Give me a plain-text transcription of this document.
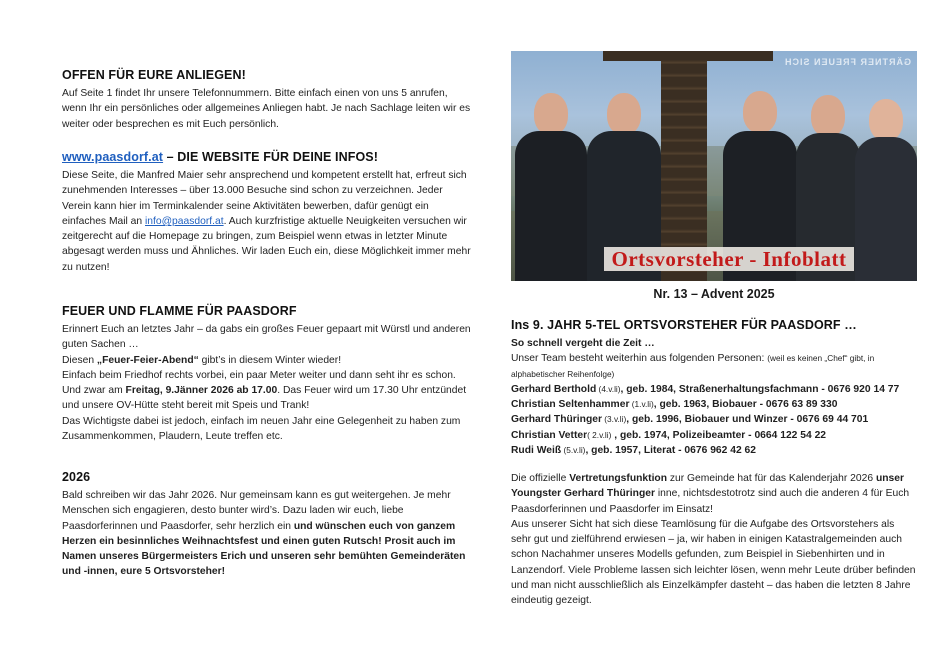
OFFEN FÜR EURE ANLIEGEN!

Auf Seite 1 findet Ihr unsere Telefonnummern. Bitte einfach einen von uns 5 anrufen, wenn Ihr ein persönliches oder allgemeines Anliegen habt. Je nach Sachlage leiten wir es weiter oder besprechen es mit Euch persönlich.

www.paasdorf.at – DIE WEBSITE FÜR DEINE INFOS!

Diese Seite, die Manfred Maier sehr ansprechend und kompetent erstellt hat, erfreut sich zunehmenden Interesses – über 13.000 Besuche sind schon zu verzeichnen. Jeder Verein kann hier im Terminkalender seine Aktivitäten bewerben, dafür genügt ein einfaches Mail an info@paasdorf.at. Auch kurzfristige aktuelle Neuigkeiten versuchen wir zeitgerecht auf die Homepage zu bringen, zum Beispiel wenn etwas in letzter Minute abgesagt werden muss und Ähnliches. Wir laden Euch ein, diese Möglichkeit immer mehr zu nutzen!

FEUER UND FLAMME FÜR PAASDORF

Erinnert Euch an letztes Jahr – da gabs ein großes Feuer gepaart mit Würstl und anderen guten Sachen …

Diesen „Feuer-Feier-Abend“ gibt’s in diesem Winter wieder!

Einfach beim Friedhof rechts vorbei, ein paar Meter weiter und dann seht ihr es schon. Und zwar am Freitag, 9.Jänner 2026 ab 17.00. Das Feuer wird um 17.30 Uhr entzündet und unsere OV-Hütte steht bereit mit Speis und Trank!

Das Wichtigste dabei ist jedoch, einfach im neuen Jahr eine Gelegenheit zu haben zum Zusammenkommen, Plaudern, Leute treffen etc.

2026

Bald schreiben wir das Jahr 2026. Nur gemeinsam kann es gut weitergehen. Je mehr Menschen sich engagieren, desto bunter wird’s. Dazu laden wir euch, liebe Paasdorferinnen und Paasdorfer, sehr herzlich ein und wünschen euch von ganzem Herzen ein besinnliches Weihnachtsfest und einen guten Rutsch! Prosit auch im Namen unseres Bürgermeisters Erich und unseren sehr bemühten Gemeinderäten und -innen, eure 5 Ortsvorsteher!

GÄRTNER FREUEN SICH
Ortsvorsteher - Infoblatt
Nr. 13 – Advent 2025
Ins 9. JAHR 5-TEL ORTSVORSTEHER FÜR PAASDORF …

So schnell vergeht die Zeit …

Unser Team besteht weiterhin aus folgenden Personen: (weil es keinen „Chef“ gibt, in alphabetischer Reihenfolge)

Gerhard Berthold (4.v.li), geb. 1984, Straßenerhaltungsfachmann - 0676 920 14 77

Christian Seltenhammer (1.v.li), geb. 1963, Biobauer - 0676 63 89 330

Gerhard Thüringer (3.v.li), geb. 1996, Biobauer und Winzer - 0676 69 44 701

Christian Vetter( 2.v.li) , geb. 1974, Polizeibeamter - 0664 122 54 22

Rudi Weiß (5.v.li), geb. 1957, Literat - 0676 962 42 62

Die offizielle Vertretungsfunktion zur Gemeinde hat für das Kalenderjahr 2026 unser Youngster Gerhard Thüringer inne, nichtsdestotrotz sind auch die anderen 4 für Euch Paasdorferinnen und Paasdorfer im Einsatz!

Aus unserer Sicht hat sich diese Teamlösung für die Aufgabe des Ortsvorstehers als sehr gut und zielführend erwiesen – ja, wir haben in einigen Katastralgemeinden auch schon Nachahmer unseres Modells gefunden, zum Beispiel in Siebenhirten und in Lanzendorf. Viele Probleme lassen sich leichter lösen, wenn mehr Leute drüber befinden und man nicht ausschließlich als Einzelkämpfer dasteht – das haben die letzten 8 Jahre eindeutig gezeigt.
